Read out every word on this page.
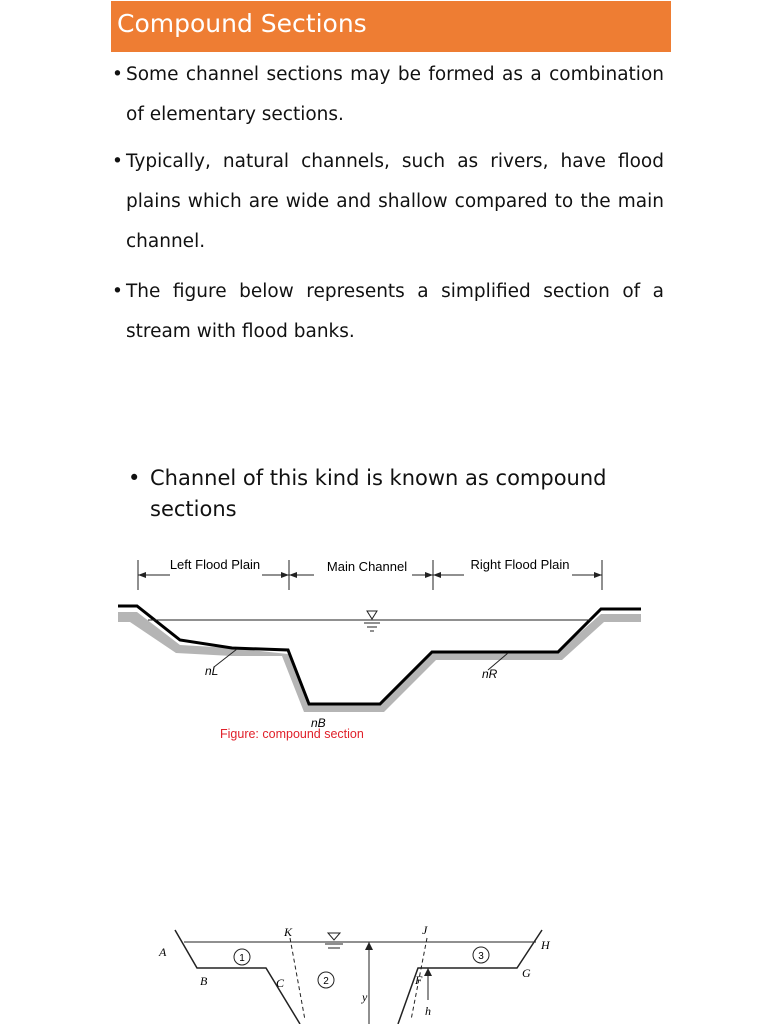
Compound Sections
• Some channel sections may be formed as a combination of elementary sections.
• Typically, natural channels, such as rivers, have flood plains which are wide and shallow compared to the main channel.
• The figure below represents a simplified section of a stream with flood banks.
• Channel of this kind is known as compound sections
Left Flood Plain	Main Channel	Right Flood Plain
nL	nR
nB
Figure: compound section
A
B	C
K	J
F	G
H
1
2
3
y
h
